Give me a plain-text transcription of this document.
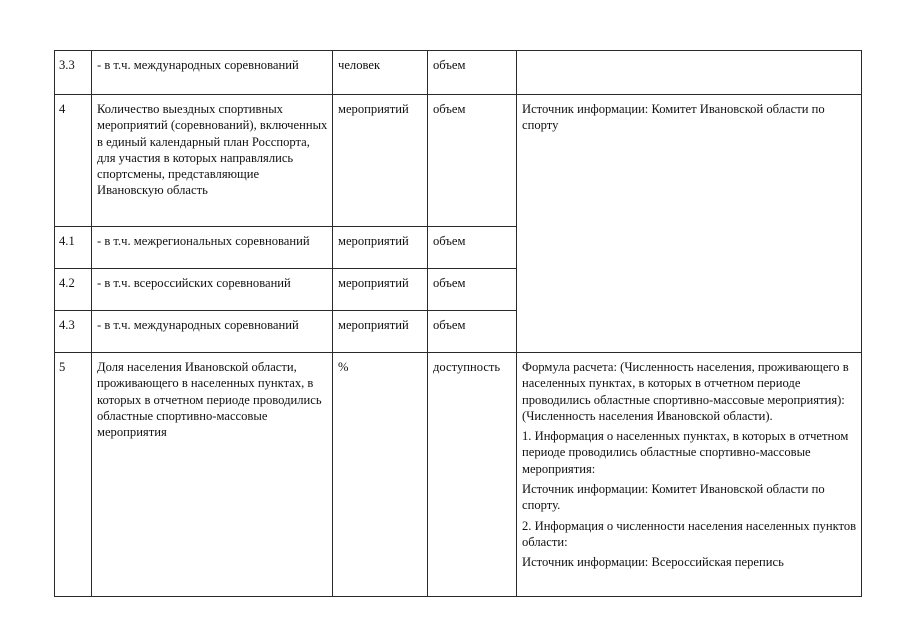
3.3	- в т.ч. международных соревнований	человек	объем	
4	Количество выездных спортивных мероприятий (соревнований), включенных в единый календарный план Росспорта, для участия в которых направлялись спортсмены, представляющие Ивановскую область	мероприятий	объем	Источник информации: Комитет Ивановской области по спорту

4.1	- в т.ч. межрегиональных соревнований	мероприятий	объем	
4.2	- в т.ч. всероссийских соревнований	мероприятий	объем	
4.3	- в т.ч. международных соревнований	мероприятий	объем	
5	Доля населения Ивановской области, проживающего в населенных пунктах, в которых в отчетном периоде проводились областные спортивно-массовые мероприятия	%	доступность	Формула расчета: (Численность населения, проживающего в населенных пунктах, в которых в отчетном периоде проводились областные спортивно-массовые мероприятия): (Численность населения Ивановской области).

1. Информация о населенных пунктах, в которых в отчетном периоде проводились областные спортивно-массовые мероприятия:

Источник информации: Комитет Ивановской области по спорту.

2. Информация о численности населения населенных пунктов области:

Источник информации: Всероссийская перепись
